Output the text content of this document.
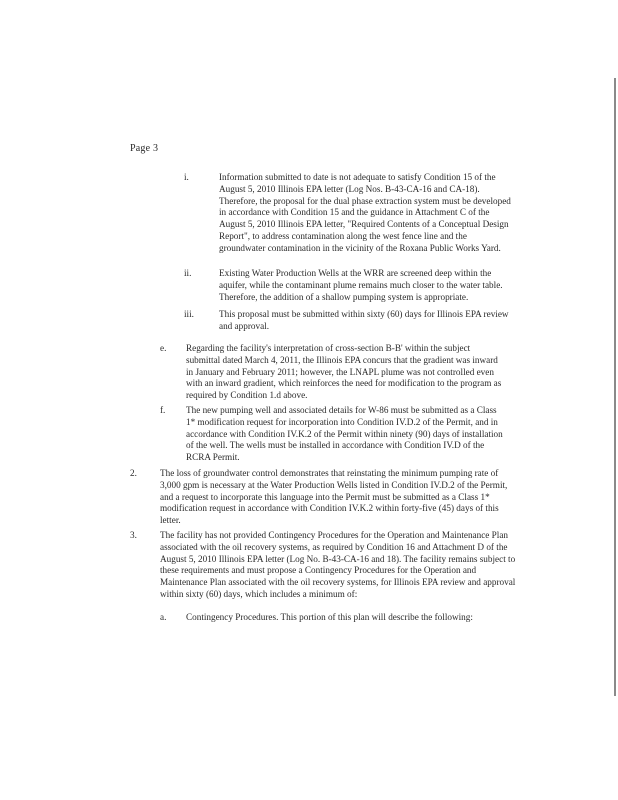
Page 3
i.	Information submitted to date is not adequate to satisfy Condition 15 of the August 5, 2010 Illinois EPA letter (Log Nos. B-43-CA-16 and CA-18). Therefore, the proposal for the dual phase extraction system must be developed in accordance with Condition 15 and the guidance in Attachment C of the August 5, 2010 Illinois EPA letter, "Required Contents of a Conceptual Design Report", to address contamination along the west fence line and the groundwater contamination in the vicinity of the Roxana Public Works Yard.
ii.	Existing Water Production Wells at the WRR are screened deep within the aquifer, while the contaminant plume remains much closer to the water table. Therefore, the addition of a shallow pumping system is appropriate.
iii.	This proposal must be submitted within sixty (60) days for Illinois EPA review and approval.
e. Regarding the facility's interpretation of cross-section B-B' within the subject submittal dated March 4, 2011, the Illinois EPA concurs that the gradient was inward in January and February 2011; however, the LNAPL plume was not controlled even with an inward gradient, which reinforces the need for modification to the program as required by Condition 1.d above.
f. The new pumping well and associated details for W-86 must be submitted as a Class 1* modification request for incorporation into Condition IV.D.2 of the Permit, and in accordance with Condition IV.K.2 of the Permit within ninety (90) days of installation of the well. The wells must be installed in accordance with Condition IV.D of the RCRA Permit.
2.	The loss of groundwater control demonstrates that reinstating the minimum pumping rate of 3,000 gpm is necessary at the Water Production Wells listed in Condition IV.D.2 of the Permit, and a request to incorporate this language into the Permit must be submitted as a Class 1* modification request in accordance with Condition IV.K.2 within forty-five (45) days of this letter.
3.	The facility has not provided Contingency Procedures for the Operation and Maintenance Plan associated with the oil recovery systems, as required by Condition 16 and Attachment D of the August 5, 2010 Illinois EPA letter (Log No. B-43-CA-16 and 18). The facility remains subject to these requirements and must propose a Contingency Procedures for the Operation and Maintenance Plan associated with the oil recovery systems, for Illinois EPA review and approval within sixty (60) days, which includes a minimum of:
a. Contingency Procedures. This portion of this plan will describe the following:
